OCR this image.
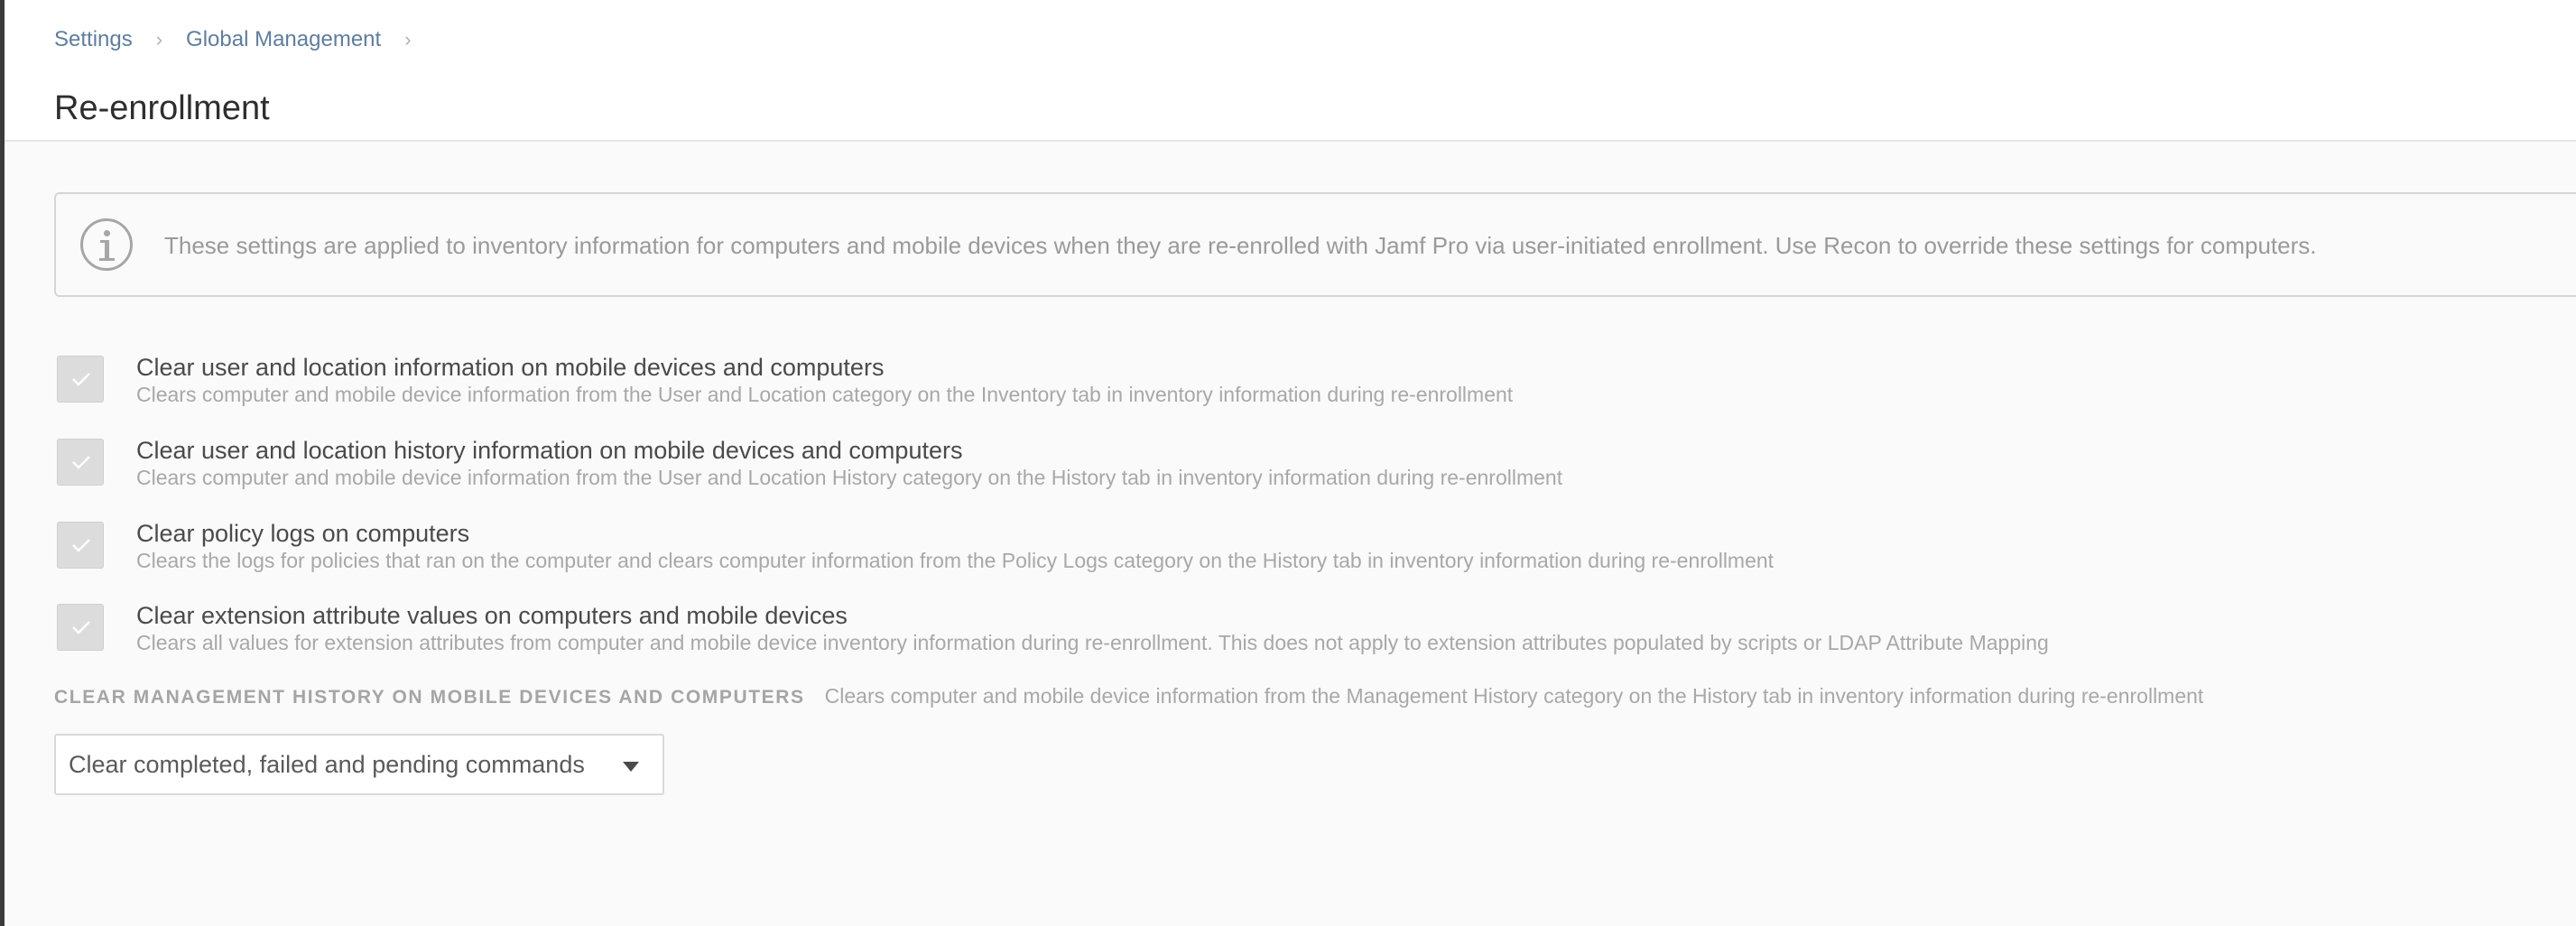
Settings › Global Management ›
Re-enrollment
These settings are applied to inventory information for computers and mobile devices when they are re-enrolled with Jamf Pro via user-initiated enrollment. Use Recon to override these settings for computers.
Clear user and location information on mobile devices and computers
Clears computer and mobile device information from the User and Location category on the Inventory tab in inventory information during re-enrollment
Clear user and location history information on mobile devices and computers
Clears computer and mobile device information from the User and Location History category on the History tab in inventory information during re-enrollment
Clear policy logs on computers
Clears the logs for policies that ran on the computer and clears computer information from the Policy Logs category on the History tab in inventory information during re-enrollment
Clear extension attribute values on computers and mobile devices
Clears all values for extension attributes from computer and mobile device inventory information during re-enrollment. This does not apply to extension attributes populated by scripts or LDAP Attribute Mapping
CLEAR MANAGEMENT HISTORY ON MOBILE DEVICES AND COMPUTERS Clears computer and mobile device information from the Management History category on the History tab in inventory information during re-enrollment
Clear completed, failed and pending commands
